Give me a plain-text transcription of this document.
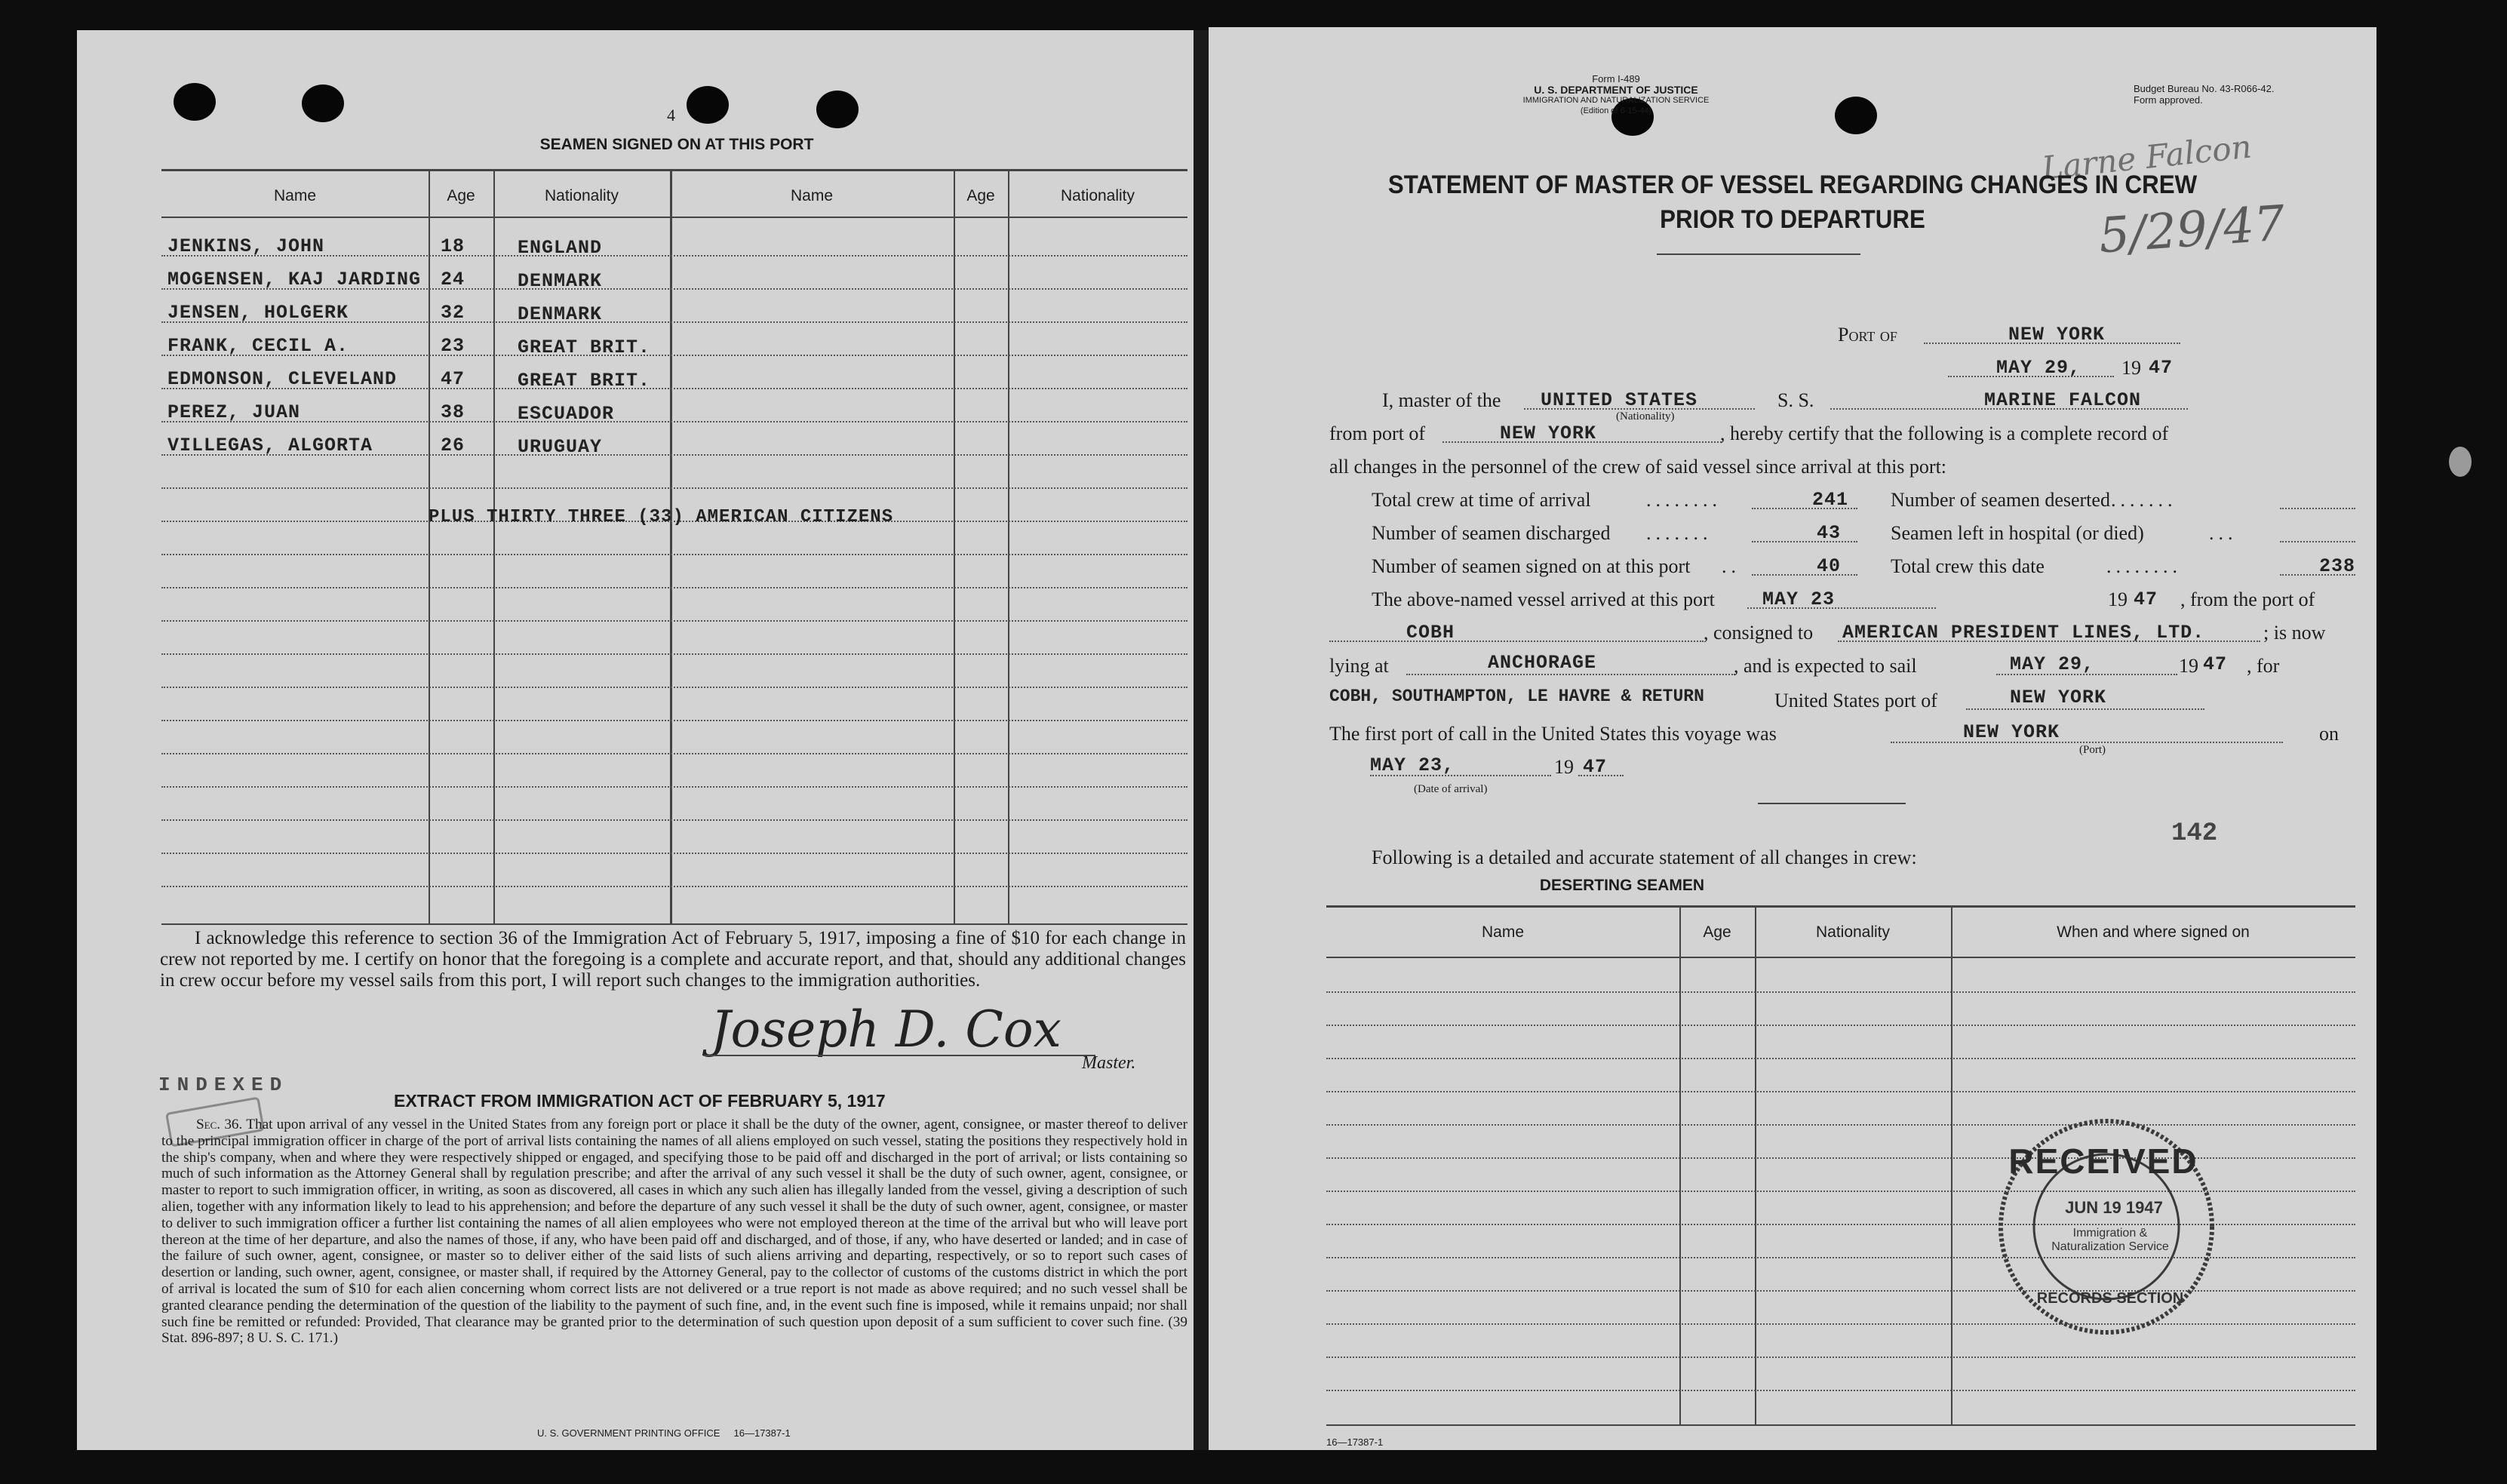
4
SEAMEN SIGNED ON AT THIS PORT
Name	Age	Nationality	Name	Age	Nationality
JENKINS, JOHN	18	ENGLAND
MOGENSEN, KAJ JARDING 24	DENMARK
JENSEN, HOLGERK	32	DENMARK
FRANK, CECIL A.	23	GREAT BRIT.
EDMONSON, CLEVELAND 47	GREAT BRIT.
PEREZ, JUAN	38	ESCUADOR
VILLEGAS, ALGORTA	26	URUGUAY
PLUS THIRTY THREE (33) AMERICAN CITIZENS
I acknowledge this reference to section 36 of the Immigration Act of February 5, 1917, imposing a fine of $10 for each change in crew not reported by me. I certify on honor that the foregoing is a complete and accurate report, and that, should any additional changes in crew occur before my vessel sails from this port, I will report such changes to the immigration authorities.
Joseph D. Cox
Master.
INDEXED
EXTRACT FROM IMMIGRATION ACT OF FEBRUARY 5, 1917
Sec. 36. That upon arrival of any vessel in the United States from any foreign port or place it shall be the duty of the owner, agent, consignee, or master thereof to deliver to the principal immigration officer in charge of the port of arrival lists containing the names of all aliens employed on such vessel, stating the positions they respectively hold in the ship's company, when and where they were respectively shipped or engaged, and specifying those to be paid off and discharged in the port of arrival; or lists containing so much of such information as the Attorney General shall by regulation prescribe; and after the arrival of any such vessel it shall be the duty of such owner, agent, consignee, or master to report to such immigration officer, in writing, as soon as discovered, all cases in which any such alien has illegally landed from the vessel, giving a description of such alien, together with any information likely to lead to his apprehension; and before the departure of any such vessel it shall be the duty of such owner, agent, consignee, or master to deliver to such immigration officer a further list containing the names of all alien employees who were not employed thereon at the time of the arrival but who will leave port thereon at the time of her departure, and also the names of those, if any, who have been paid off and discharged, and of those, if any, who have deserted or landed; and in case of the failure of such owner, agent, consignee, or master so to deliver either of the said lists of such aliens arriving and departing, respectively, or so to report such cases of desertion or landing, such owner, agent, consignee, or master shall, if required by the Attorney General, pay to the collector of customs of the customs district in which the port of arrival is located the sum of $10 for each alien concerning whom correct lists are not delivered or a true report is not made as above required; and no such vessel shall be granted clearance pending the determination of the question of the liability to the payment of such fine, and, in the event such fine is imposed, while it remains unpaid; nor shall such fine be remitted or refunded: Provided, That clearance may be granted prior to the determination of such question upon deposit of a sum sufficient to cover such fine. (39 Stat. 896-897; 8 U. S. C. 171.)
U. S. GOVERNMENT PRINTING OFFICE     16—17387-1
Form I-489
U. S. DEPARTMENT OF JUSTICE
IMMIGRATION AND NATURALIZATION SERVICE
(Edition of 6-15-44)
Budget Bureau No. 43-R066-42.
Form approved.
Larne Falcon
5/29/47
STATEMENT OF MASTER OF VESSEL REGARDING CHANGES IN CREW
PRIOR TO DEPARTURE
Port of	NEW YORK
MAY 29, 19 47
I, master of the UNITED STATES
(Nationality)
S. S.	MARINE FALCON
from port of	NEW YORK	, hereby certify that the following is a complete record of
all changes in the personnel of the crew of said vessel since arrival at this port:
Total crew at time of arrival	........	241 Number of seamen deserted .......
Number of seamen discharged .......	43	Seamen left in hospital (or died)	...
Number of seamen signed on at this port ..	40	Total crew this date	........	238
The above-named vessel arrived at this port	MAY 23	19 47 , from the port of
COBH	, consigned to AMERICAN PRESIDENT LINES, LTD.	; is now
lying at	ANCHORAGE	, and is expected to sail	MAY 29,	19 47 , for
COBH, SOUTHAMPTON, LE HAVRE & RETURN	United States port of	NEW YORK
The first port of call in the United States this voyage was	NEW YORK
(Port)
on
MAY 23,
(Date of arrival)
19 47
142
Following is a detailed and accurate statement of all changes in crew:
DESERTING SEAMEN
Name	Age	Nationality	When and where signed on
RECEIVED
JUN 19 1947
Immigration & Naturalization Service
RECORDS SECTION
16—17387-1
